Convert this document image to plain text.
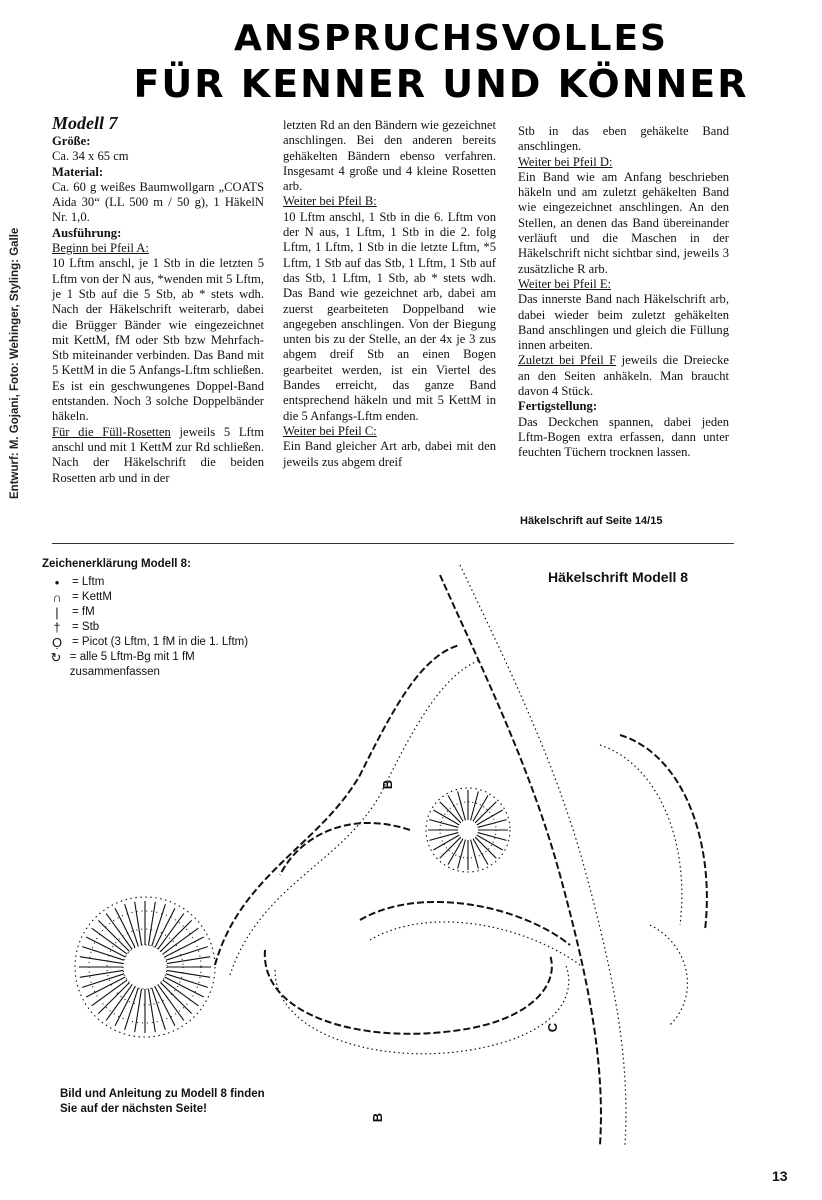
ANSPRUCHSVOLLES
FÜR KENNER UND KÖNNER
Entwurf: M. Gojani, Foto: Wehinger, Styling: Galle
Modell 7
Größe:
Ca. 34 x 65 cm
Material:
Ca. 60 g weißes Baumwollgarn „COATS Aida 30“ (LL 500 m / 50 g), 1 HäkelN Nr. 1,0.
Ausführung:
Beginn bei Pfeil A:
10 Lftm anschl, je 1 Stb in die letzten 5 Lftm von der N aus, *wenden mit 5 Lftm, je 1 Stb auf die 5 Stb, ab * stets wdh. Nach der Häkelschrift weiterarb, dabei die Brügger Bänder wie eingezeichnet mit KettM, fM oder Stb bzw Mehrfach-Stb miteinander verbinden. Das Band mit 5 KettM in die 5 Anfangs-Lftm schließen. Es ist ein geschwungenes Doppel-Band entstanden. Noch 3 solche Doppelbänder häkeln.
Für die Füll-Rosetten jeweils 5 Lftm anschl und mit 1 KettM zur Rd schließen. Nach der Häkelschrift die beiden Rosetten arb und in der
letzten Rd an den Bändern wie gezeichnet anschlingen. Bei den anderen bereits gehäkelten Bändern ebenso verfahren. Insgesamt 4 große und 4 kleine Rosetten arb.
Weiter bei Pfeil B:
10 Lftm anschl, 1 Stb in die 6. Lftm von der N aus, 1 Lftm, 1 Stb in die 2. folg Lftm, 1 Lftm, 1 Stb in die letzte Lftm, *5 Lftm, 1 Stb auf das Stb, 1 Lftm, 1 Stb auf das Stb, 1 Lftm, 1 Stb, ab * stets wdh. Das Band wie gezeichnet arb, dabei am zuerst gearbeiteten Doppelband wie angegeben anschlingen. Von der Biegung unten bis zu der Stelle, an der 4x je 3 zus abgem dreif Stb an einen Bogen gearbeitet werden, ist ein Viertel des Bandes erreicht, das ganze Band entsprechend häkeln und mit 5 KettM in die 5 Anfangs-Lftm enden.
Weiter bei Pfeil C:
Ein Band gleicher Art arb, dabei mit den jeweils zus abgem dreif
Stb in das eben gehäkelte Band anschlingen.
Weiter bei Pfeil D:
Ein Band wie am Anfang beschrieben häkeln und am zuletzt gehäkelten Band wie eingezeichnet anschlingen. An den Stellen, an denen das Band übereinander verläuft und die Maschen in der Häkelschrift nicht sichtbar sind, jeweils 3 zusätzliche R arb.
Weiter bei Pfeil E:
Das innerste Band nach Häkelschrift arb, dabei wieder beim zuletzt gehäkelten Band anschlingen und gleich die Füllung innen arbeiten.
Zuletzt bei Pfeil F jeweils die Dreiecke an den Seiten anhäkeln. Man braucht davon 4 Stück.
Fertigstellung:
Das Deckchen spannen, dabei jeden Lftm-Bogen extra erfassen, dann unter feuchten Tüchern trocknen lassen.
Häkelschrift auf Seite 14/15
Zeichenerklärung Modell 8:
•	= Lftm
∩ = KettM
|	= fM
† = Stb
Ọ = Picot (3 Lftm, 1 fM in die 1. Lftm)
↻ = alle 5 Lftm-Bg mit 1 fM zusammenfassen
Häkelschrift Modell 8
B
C
B
Bild und Anleitung zu Modell 8 finden Sie auf der nächsten Seite!
13
